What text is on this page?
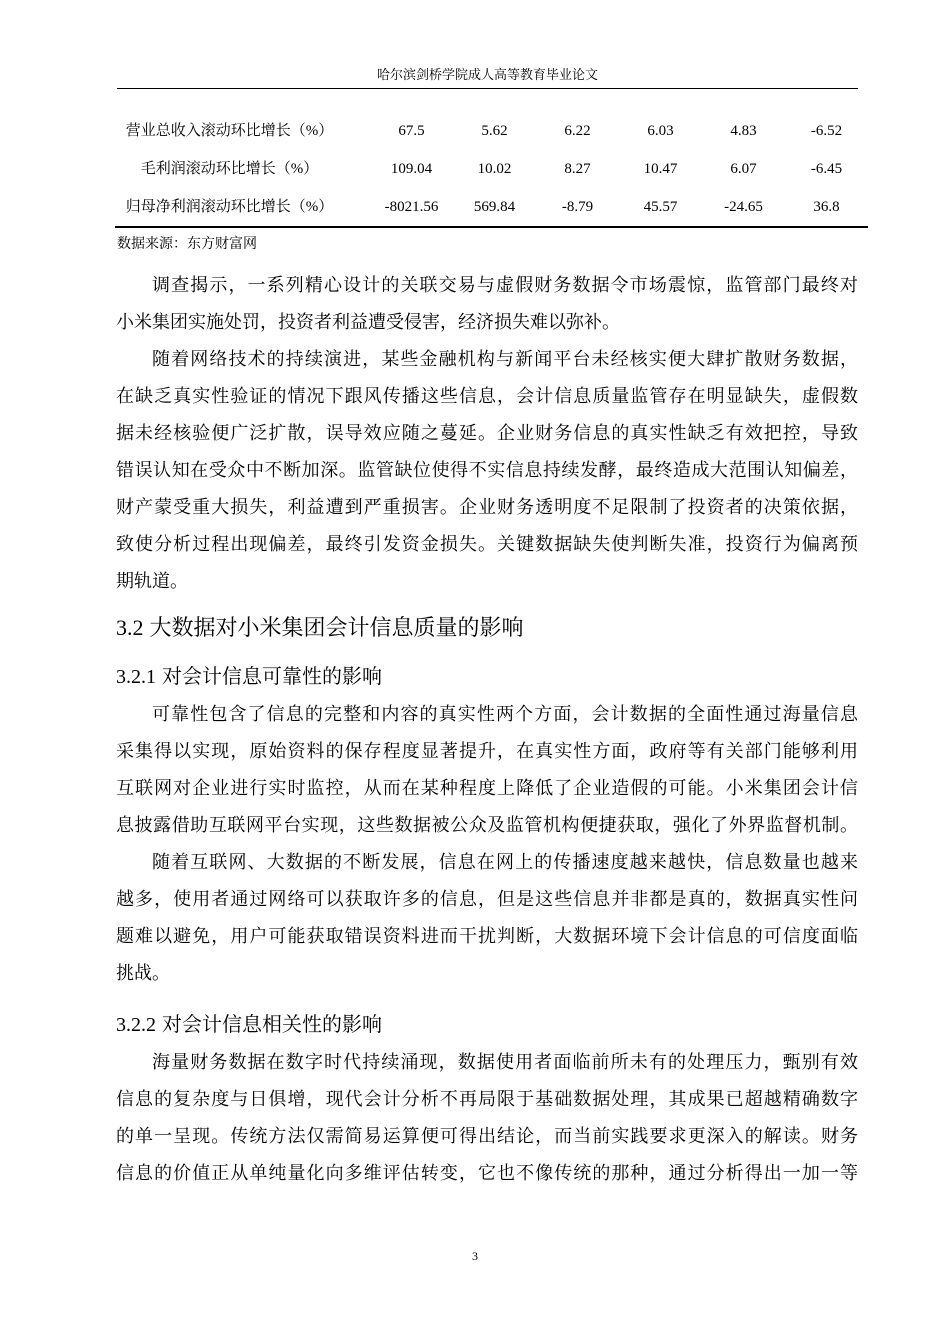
哈尔滨剑桥学院成人高等教育毕业论文
营业总收入滚动环比增长（%）	67.5	5.62	6.22	6.03	4.83	-6.52
毛利润滚动环比增长（%）	109.04	10.02	8.27	10.47	6.07	-6.45
归母净利润滚动环比增长（%）	-8021.56	569.84	-8.79	45.57	-24.65	36.8
数据来源：东方财富网
调查揭示，一系列精心设计的关联交易与虚假财务数据令市场震惊，监管部门最终对
小米集团实施处罚，投资者利益遭受侵害，经济损失难以弥补。
随着网络技术的持续演进，某些金融机构与新闻平台未经核实便大肆扩散财务数据，
在缺乏真实性验证的情况下跟风传播这些信息，会计信息质量监管存在明显缺失，虚假数
据未经核验便广泛扩散，误导效应随之蔓延。企业财务信息的真实性缺乏有效把控，导致
错误认知在受众中不断加深。监管缺位使得不实信息持续发酵，最终造成大范围认知偏差，
财产蒙受重大损失，利益遭到严重损害。企业财务透明度不足限制了投资者的决策依据，
致使分析过程出现偏差，最终引发资金损失。关键数据缺失使判断失准，投资行为偏离预
期轨道。
3.2 大数据对小米集团会计信息质量的影响
3.2.1 对会计信息可靠性的影响
可靠性包含了信息的完整和内容的真实性两个方面，会计数据的全面性通过海量信息
采集得以实现，原始资料的保存程度显著提升，在真实性方面，政府等有关部门能够利用
互联网对企业进行实时监控，从而在某种程度上降低了企业造假的可能。小米集团会计信
息披露借助互联网平台实现，这些数据被公众及监管机构便捷获取，强化了外界监督机制。
随着互联网、大数据的不断发展，信息在网上的传播速度越来越快，信息数量也越来
越多，使用者通过网络可以获取许多的信息，但是这些信息并非都是真的，数据真实性问
题难以避免，用户可能获取错误资料进而干扰判断，大数据环境下会计信息的可信度面临
挑战。
3.2.2 对会计信息相关性的影响
海量财务数据在数字时代持续涌现，数据使用者面临前所未有的处理压力，甄别有效
信息的复杂度与日俱增，现代会计分析不再局限于基础数据处理，其成果已超越精确数字
的单一呈现。传统方法仅需简易运算便可得出结论，而当前实践要求更深入的解读。财务
信息的价值正从单纯量化向多维评估转变，它也不像传统的那种，通过分析得出一加一等
3
